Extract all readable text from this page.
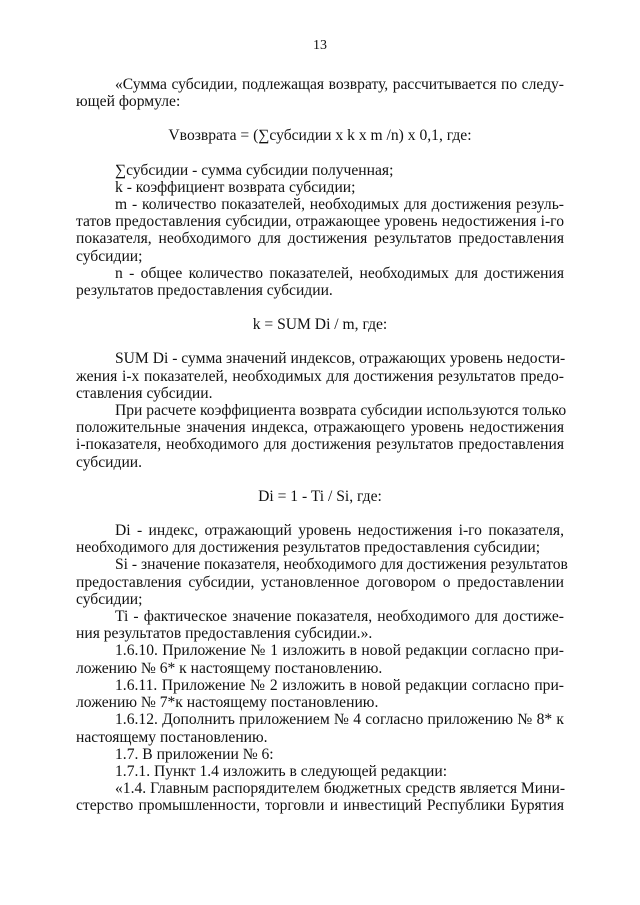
13
«Сумма субсидии, подлежащая возврату, рассчитывается по следу-
ющей формуле:
Vвозврата = (∑субсидии x k x m /n) x 0,1, где:
∑субсидии - сумма субсидии полученная;
k - коэффициент возврата субсидии;
m - количество показателей, необходимых для достижения резуль-
татов предоставления субсидии, отражающее уровень недостижения i-го
показателя, необходимого для достижения результатов предоставления
субсидии;
n - общее количество показателей, необходимых для достижения
результатов предоставления субсидии.
k = SUM Di / m, где:
SUM Di - сумма значений индексов, отражающих уровень недости-
жения i-х показателей, необходимых для достижения результатов предо-
ставления субсидии.
При расчете коэффициента возврата субсидии используются только
положительные значения индекса, отражающего уровень недостижения
i-показателя, необходимого для достижения результатов предоставления
субсидии.
Di = 1 - Ti / Si, где:
Di - индекс, отражающий уровень недостижения i-го показателя,
необходимого для достижения результатов предоставления субсидии;
Si - значение показателя, необходимого для достижения результатов
предоставления субсидии, установленное договором о предоставлении
субсидии;
Ti - фактическое значение показателя, необходимого для достиже-
ния результатов предоставления субсидии.».
1.6.10. Приложение № 1 изложить в новой редакции согласно при-
ложению № 6* к настоящему постановлению.
1.6.11. Приложение № 2 изложить в новой редакции согласно при-
ложению № 7*к настоящему постановлению.
1.6.12. Дополнить приложением № 4 согласно приложению № 8* к
настоящему постановлению.
1.7. В приложении № 6:
1.7.1. Пункт 1.4 изложить в следующей редакции:
«1.4. Главным распорядителем бюджетных средств является Мини-
стерство промышленности, торговли и инвестиций Республики Бурятия
